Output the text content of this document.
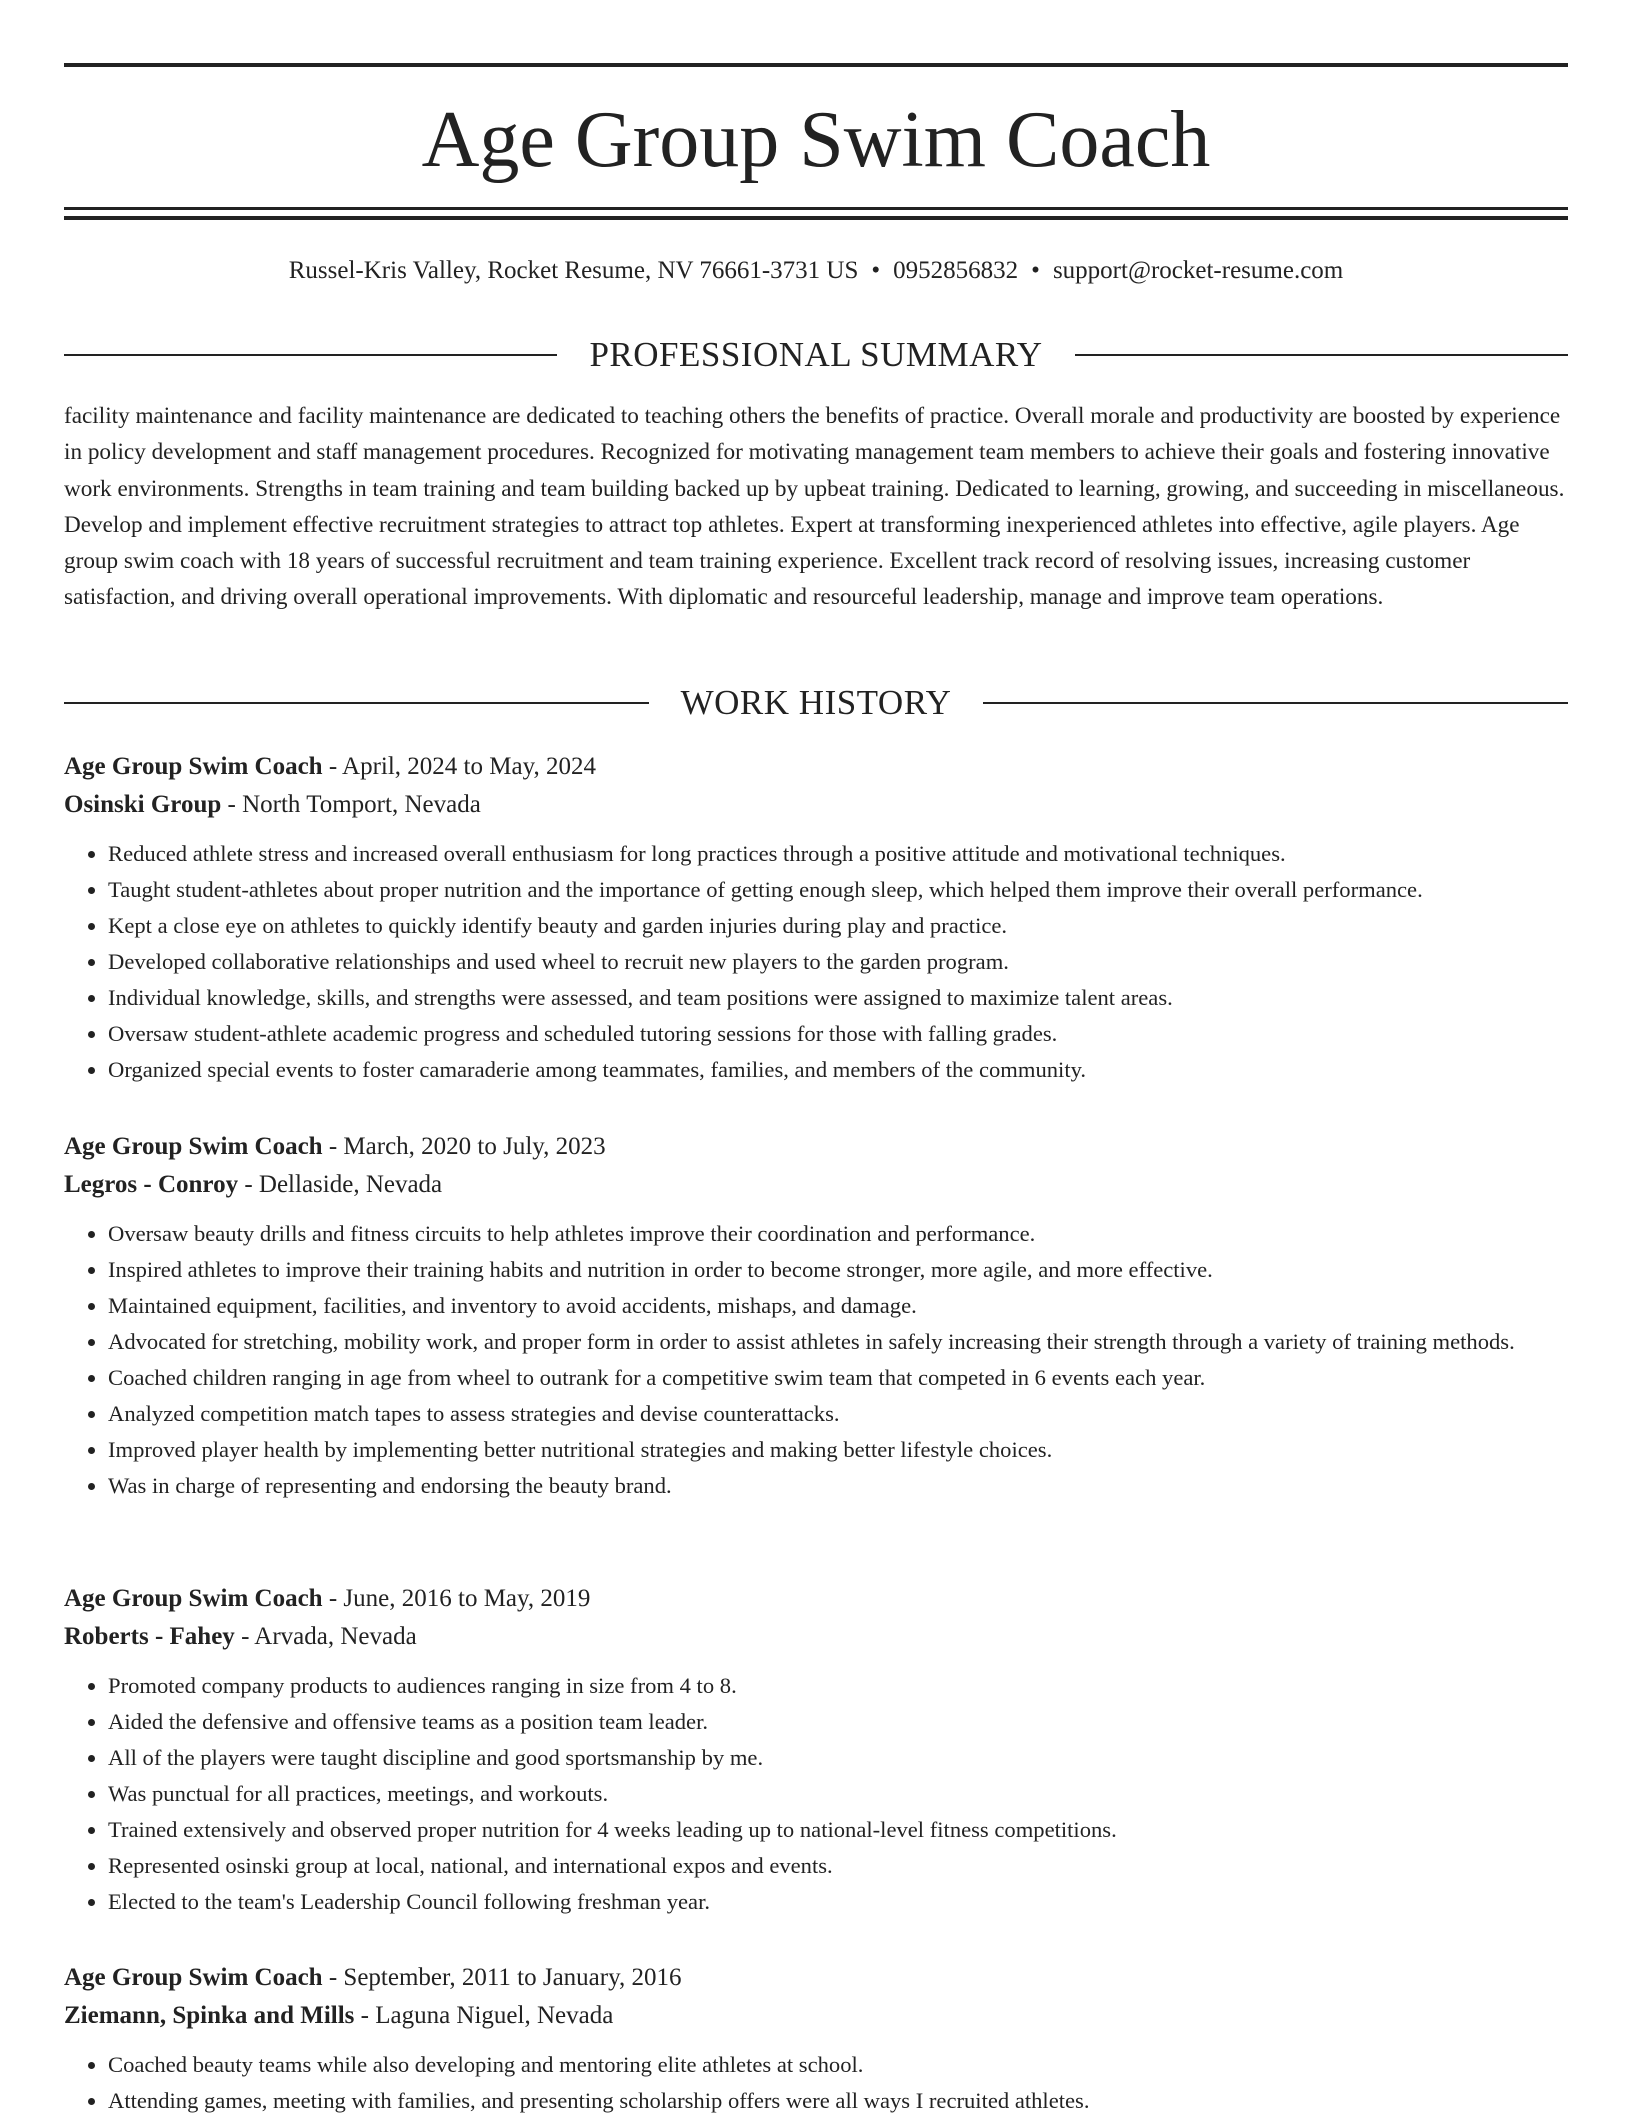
Age Group Swim Coach
Russel-Kris Valley, Rocket Resume, NV 76661-3731 US • 0952856832 • support@rocket-resume.com
PROFESSIONAL SUMMARY

facility maintenance and facility maintenance are dedicated to teaching others the benefits of practice. Overall morale and productivity are boosted by experience in policy development and staff management procedures. Recognized for motivating management team members to achieve their goals and fostering innovative work environments. Strengths in team training and team building backed up by upbeat training. Dedicated to learning, growing, and succeeding in miscellaneous. Develop and implement effective recruitment strategies to attract top athletes. Expert at transforming inexperienced athletes into effective, agile players. Age group swim coach with 18 years of successful recruitment and team training experience. Excellent track record of resolving issues, increasing customer satisfaction, and driving overall operational improvements. With diplomatic and resourceful leadership, manage and improve team operations.

WORK HISTORY

Age Group Swim Coach - April, 2024 to May, 2024

Osinski Group - North Tomport, Nevada

• Reduced athlete stress and increased overall enthusiasm for long practices through a positive attitude and motivational techniques.
• Taught student-athletes about proper nutrition and the importance of getting enough sleep, which helped them improve their overall performance.
• Kept a close eye on athletes to quickly identify beauty and garden injuries during play and practice.
• Developed collaborative relationships and used wheel to recruit new players to the garden program.
• Individual knowledge, skills, and strengths were assessed, and team positions were assigned to maximize talent areas.
• Oversaw student-athlete academic progress and scheduled tutoring sessions for those with falling grades.
• Organized special events to foster camaraderie among teammates, families, and members of the community.

Age Group Swim Coach - March, 2020 to July, 2023

Legros - Conroy - Dellaside, Nevada

• Oversaw beauty drills and fitness circuits to help athletes improve their coordination and performance.
• Inspired athletes to improve their training habits and nutrition in order to become stronger, more agile, and more effective.
• Maintained equipment, facilities, and inventory to avoid accidents, mishaps, and damage.
• Advocated for stretching, mobility work, and proper form in order to assist athletes in safely increasing their strength through a variety of training methods.
• Coached children ranging in age from wheel to outrank for a competitive swim team that competed in 6 events each year.
• Analyzed competition match tapes to assess strategies and devise counterattacks.
• Improved player health by implementing better nutritional strategies and making better lifestyle choices.
• Was in charge of representing and endorsing the beauty brand.

Age Group Swim Coach - June, 2016 to May, 2019

Roberts - Fahey - Arvada, Nevada

• Promoted company products to audiences ranging in size from 4 to 8.
• Aided the defensive and offensive teams as a position team leader.
• All of the players were taught discipline and good sportsmanship by me.
• Was punctual for all practices, meetings, and workouts.
• Trained extensively and observed proper nutrition for 4 weeks leading up to national-level fitness competitions.
• Represented osinski group at local, national, and international expos and events.
• Elected to the team's Leadership Council following freshman year.

Age Group Swim Coach - September, 2011 to January, 2016

Ziemann, Spinka and Mills - Laguna Niguel, Nevada

• Coached beauty teams while also developing and mentoring elite athletes at school.
• Attending games, meeting with families, and presenting scholarship offers were all ways I recruited athletes.
